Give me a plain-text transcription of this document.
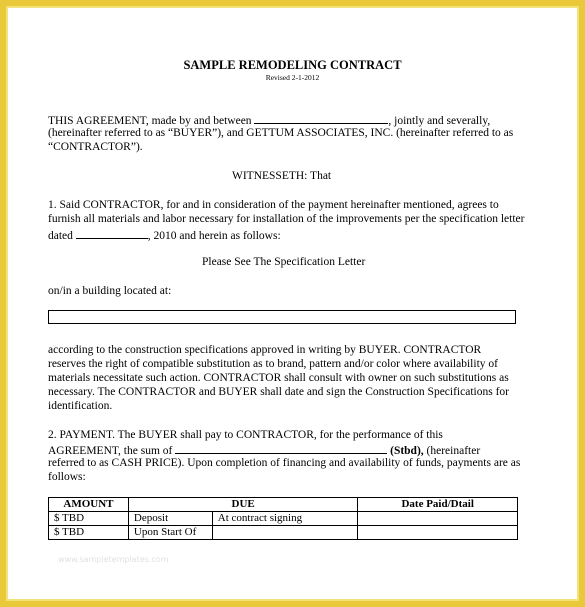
SAMPLE REMODELING CONTRACT
Revised 2-1-2012
THIS AGREEMENT, made by and between	, jointly and severally,
(hereinafter referred to as “BUYER”), and GETTUM ASSOCIATES, INC. (hereinafter referred to as
“CONTRACTOR”).
WITNESSETH: That
1. Said CONTRACTOR, for and in consideration of the payment hereinafter mentioned, agrees to
furnish all materials and labor necessary for installation of the improvements per the specification letter
dated	, 2010 and herein as follows:
Please See The Specification Letter
on/in a building located at:
according to the construction specifications approved in writing by BUYER. CONTRACTOR
reserves the right of compatible substitution as to brand, pattern and/or color where availability of
materials necessitate such action. CONTRACTOR shall consult with owner on such substitutions as
necessary. The CONTRACTOR and BUYER shall date and sign the Construction Specifications for
identification.
2. PAYMENT. The BUYER shall pay to CONTRACTOR, for the performance of this
AGREEMENT, the sum of	(Stbd), (hereinafter
referred to as CASH PRICE). Upon completion of financing and availability of funds, payments are as
follows:
AMOUNT	DUE		Date Paid/Dtail
$ TBD	Deposit	At contract signing	
$ TBD	Upon Start Of		
www.sampletemplates.com
